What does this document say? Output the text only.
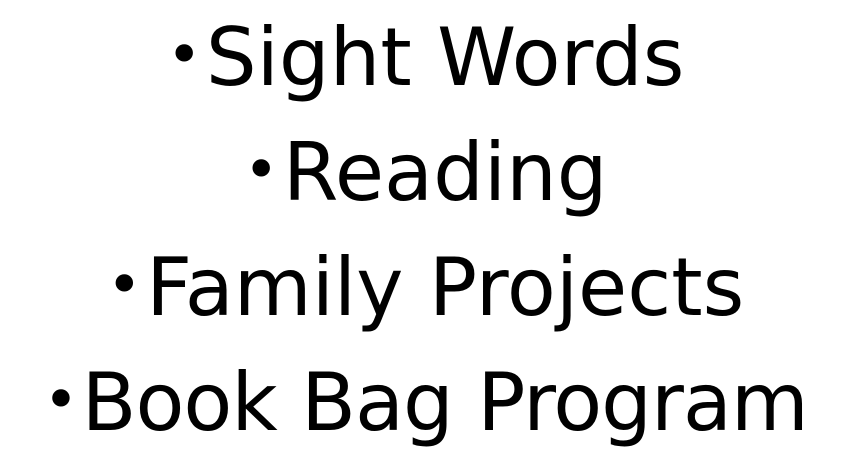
•Sight Words
•Reading
•Family Projects
•Book Bag Program
